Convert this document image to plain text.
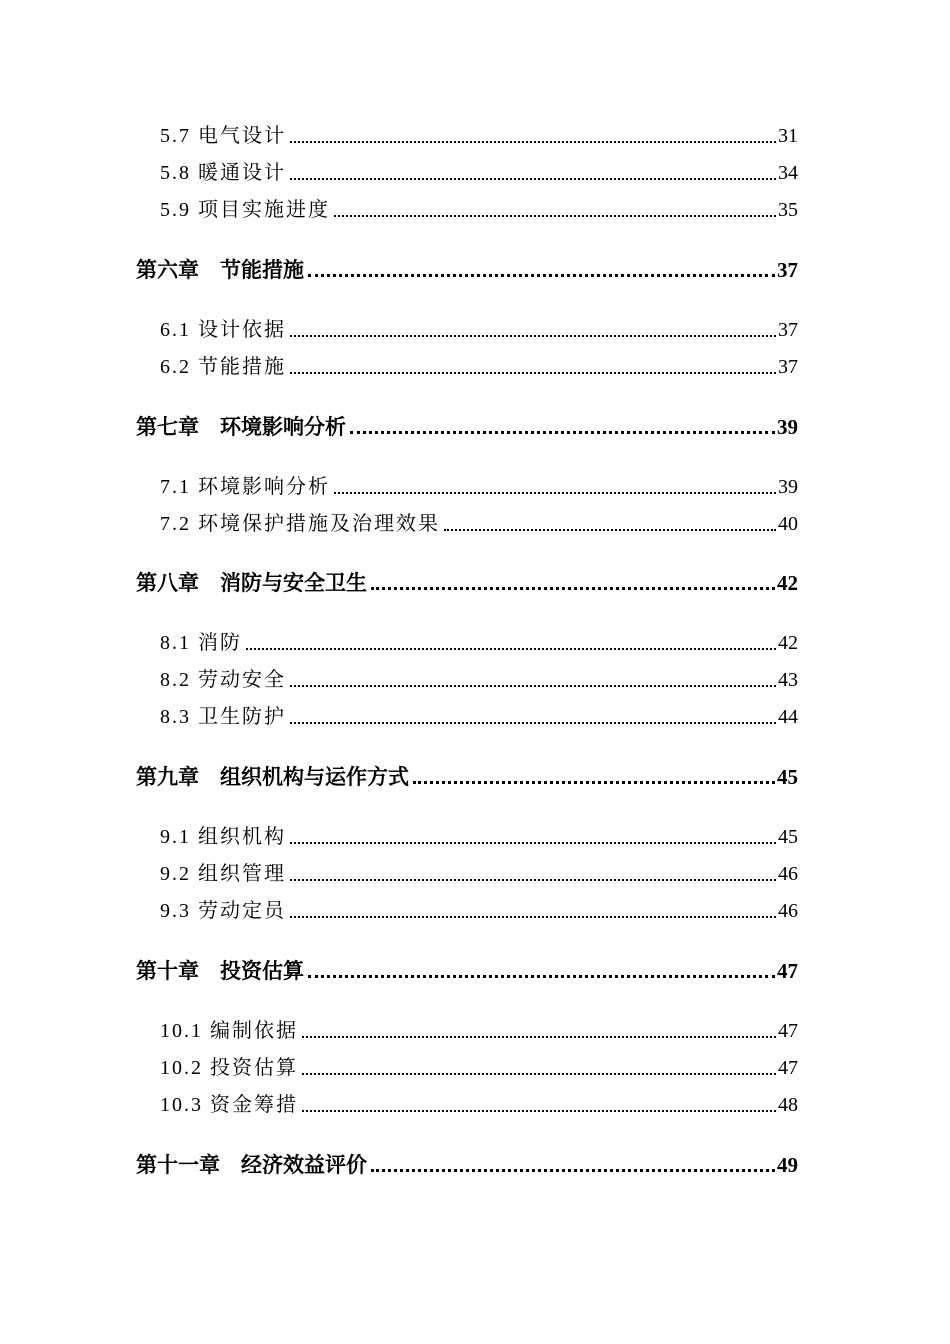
5.7 电气设计	31
5.8 暖通设计	34
5.9 项目实施进度	35
第六章　节能措施	37
6.1 设计依据	37
6.2 节能措施	37
第七章　环境影响分析	39
7.1 环境影响分析	39
7.2 环境保护措施及治理效果	40
第八章　消防与安全卫生	42
8.1 消防	42
8.2 劳动安全	43
8.3 卫生防护	44
第九章　组织机构与运作方式	45
9.1 组织机构	45
9.2 组织管理	46
9.3 劳动定员	46
第十章　投资估算	47
10.1 编制依据	47
10.2 投资估算	47
10.3 资金筹措	48
第十一章　经济效益评价	49
